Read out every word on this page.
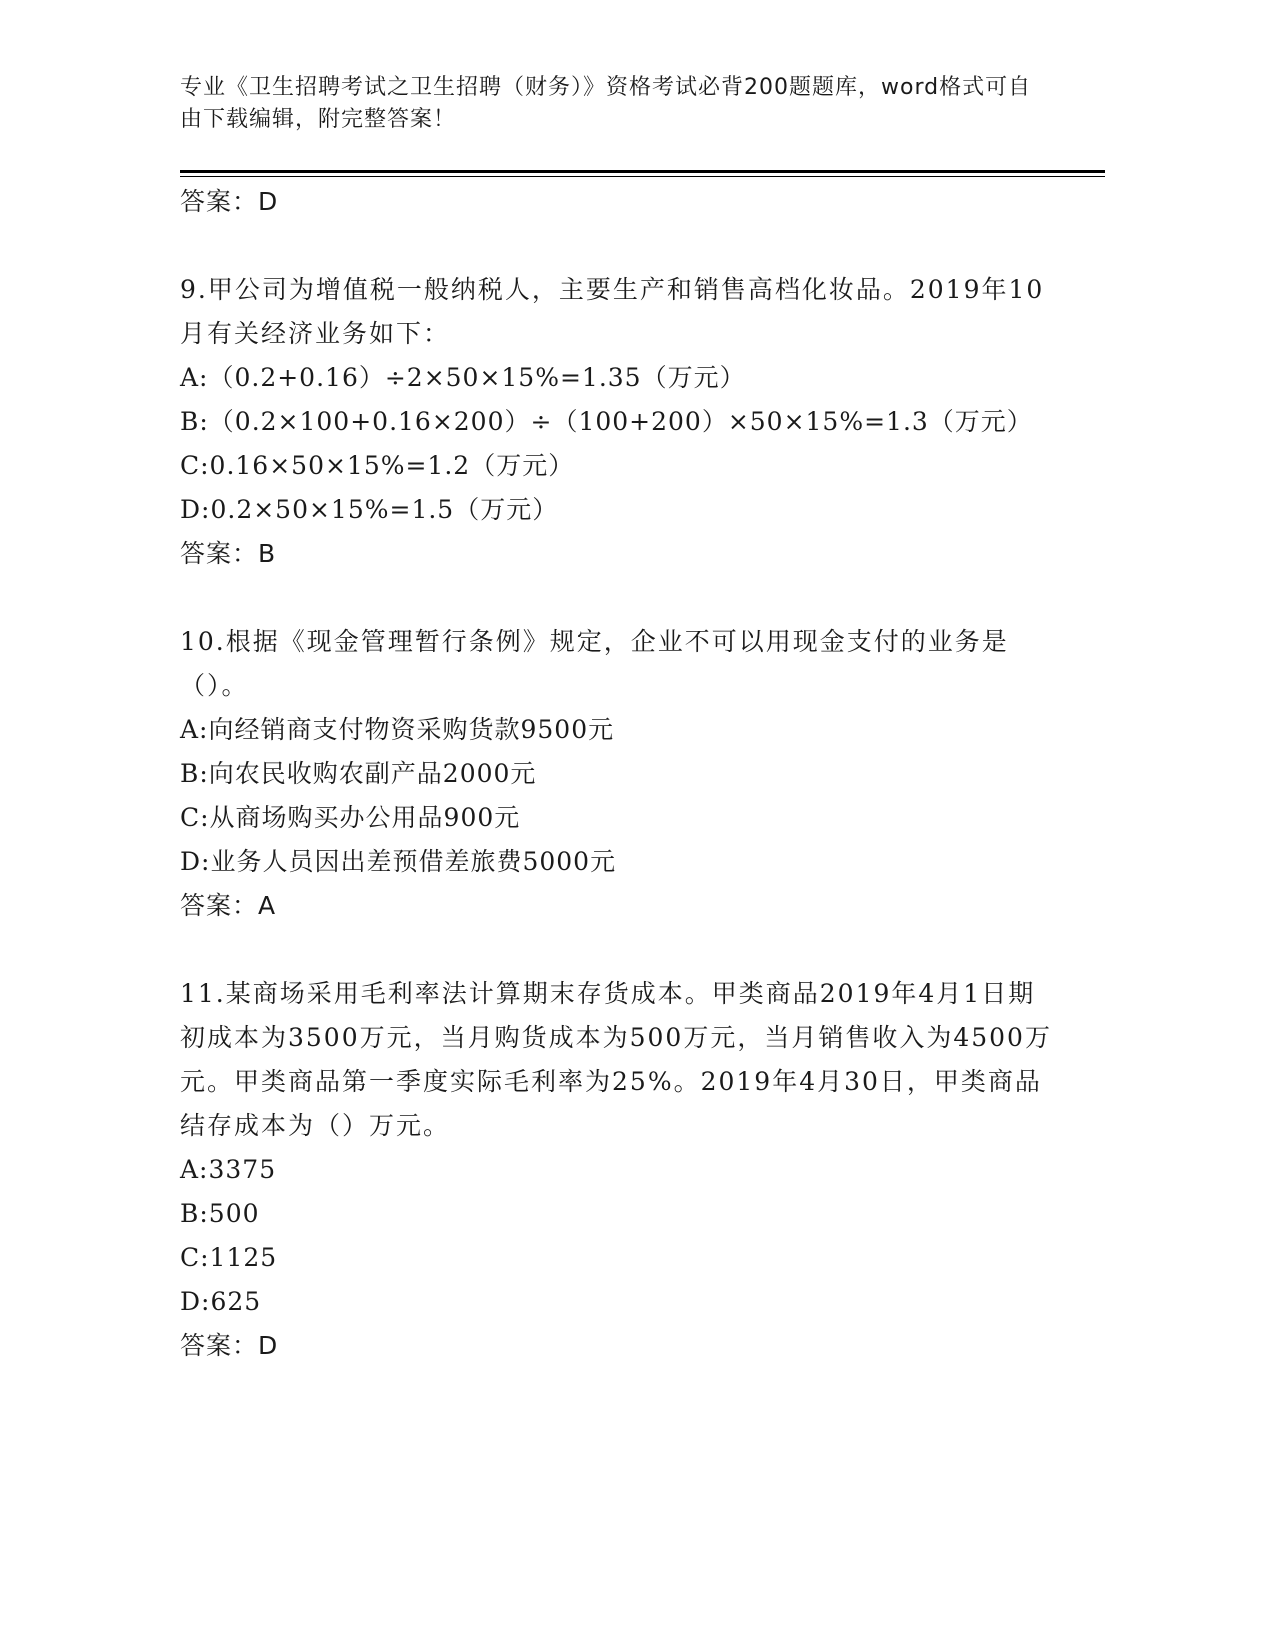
专业《卫生招聘考试之卫生招聘（财务）》资格考试必背200题题库，word格式可自由下载编辑，附完整答案！
答案：D
9.甲公司为增值税一般纳税人，主要生产和销售高档化妆品。2019年10月有关经济业务如下：
A:（0.2+0.16）÷2×50×15%=1.35（万元）
B:（0.2×100+0.16×200）÷（100+200）×50×15%=1.3（万元）
C:0.16×50×15%=1.2（万元）
D:0.2×50×15%=1.5（万元）
答案：B
10.根据《现金管理暂行条例》规定，企业不可以用现金支付的业务是（）。
A:向经销商支付物资采购货款9500元
B:向农民收购农副产品2000元
C:从商场购买办公用品900元
D:业务人员因出差预借差旅费5000元
答案：A
11.某商场采用毛利率法计算期末存货成本。甲类商品2019年4月1日期初成本为3500万元，当月购货成本为500万元，当月销售收入为4500万元。甲类商品第一季度实际毛利率为25%。2019年4月30日，甲类商品结存成本为（）万元。
A:3375
B:500
C:1125
D:625
答案：D
